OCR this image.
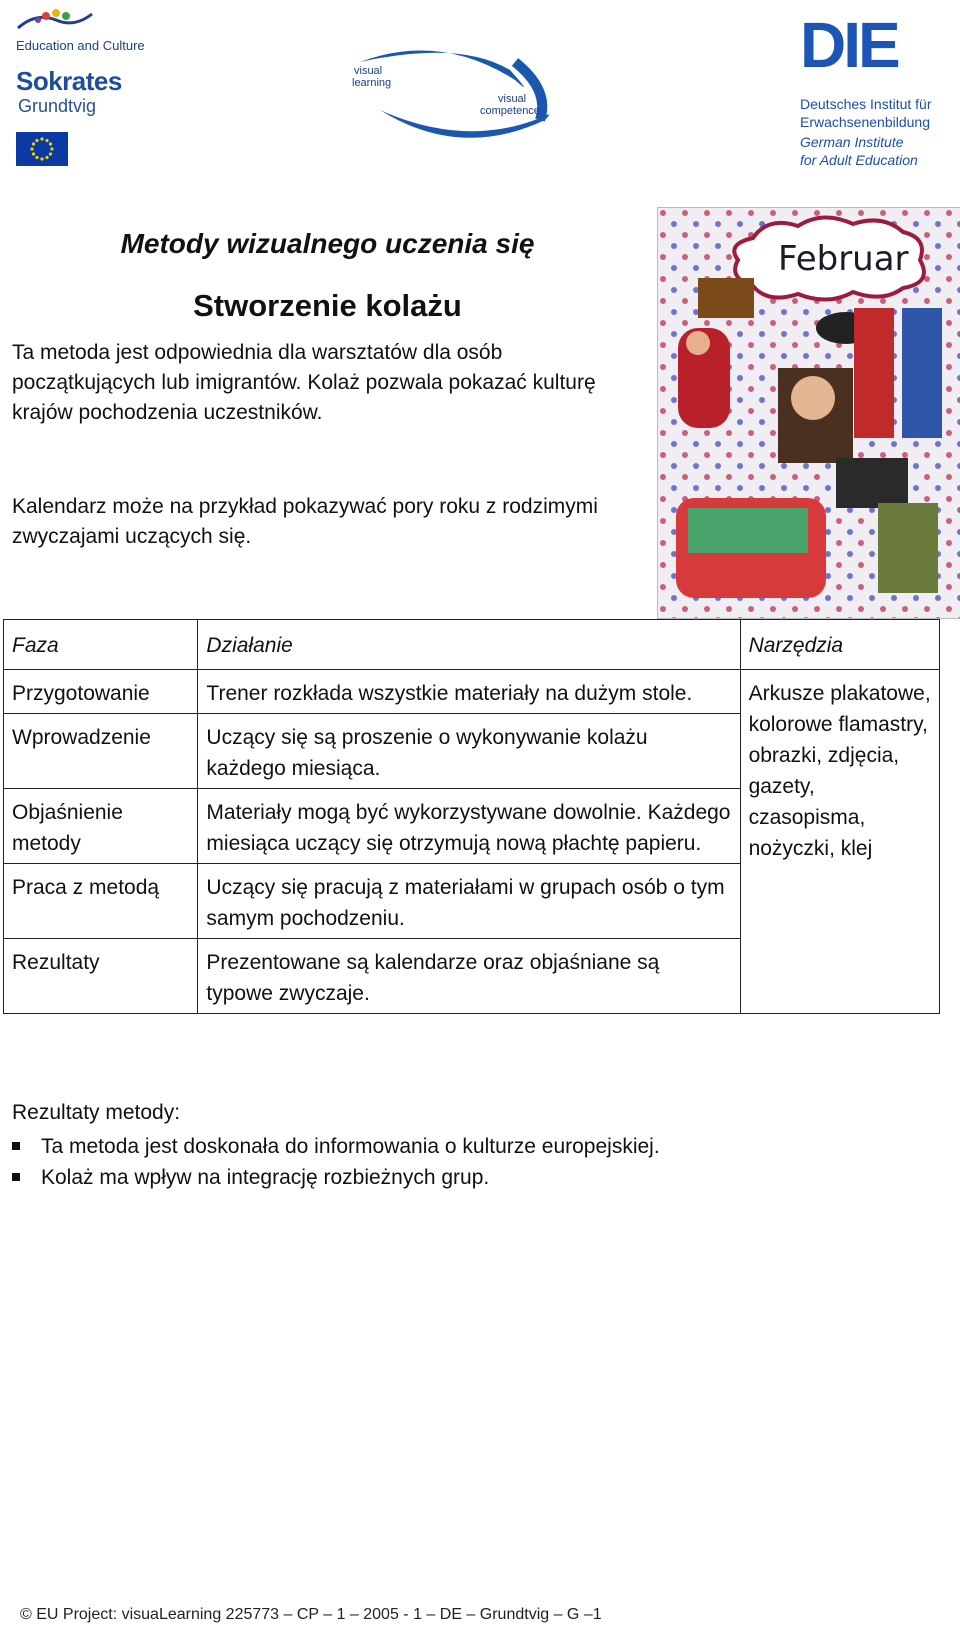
Education and Culture
Sokrates
Grundtvig
visual
learning
visual
competence
DIE
Deutsches Institut für
Erwachsenenbildung
German Institute
for Adult Education
Metody wizualnego uczenia się
Stworzenie kolażu
Ta metoda jest odpowiednia dla warsztatów dla osób początkujących lub imigrantów. Kolaż pozwala pokazać kulturę krajów pochodzenia uczestników.
Kalendarz może na przykład pokazywać pory roku z rodzimymi zwyczajami uczących się.
Februar
Faza	Działanie	Narzędzia
Przygotowanie	Trener rozkłada wszystkie materiały na dużym stole.	Arkusze plakatowe, kolorowe flamastry, obrazki, zdjęcia, gazety, czasopisma, nożyczki, klej
Wprowadzenie	Uczący się są proszenie o wykonywanie kolażu każdego miesiąca.	
Objaśnienie metody	Materiały mogą być wykorzystywane dowolnie. Każdego miesiąca uczący się otrzymują nową płachtę papieru.	
Praca z metodą	Uczący się pracują z materiałami w grupach osób o tym samym pochodzeniu.	
Rezultaty	Prezentowane są kalendarze oraz objaśniane są typowe zwyczaje.	
Rezultaty metody:
Ta metoda jest doskonała do informowania o kulturze europejskiej.
Kolaż ma wpływ na integrację rozbieżnych grup.
© EU Project: visuaLearning 225773 – CP – 1 – 2005 - 1 – DE – Grundtvig – G –1
